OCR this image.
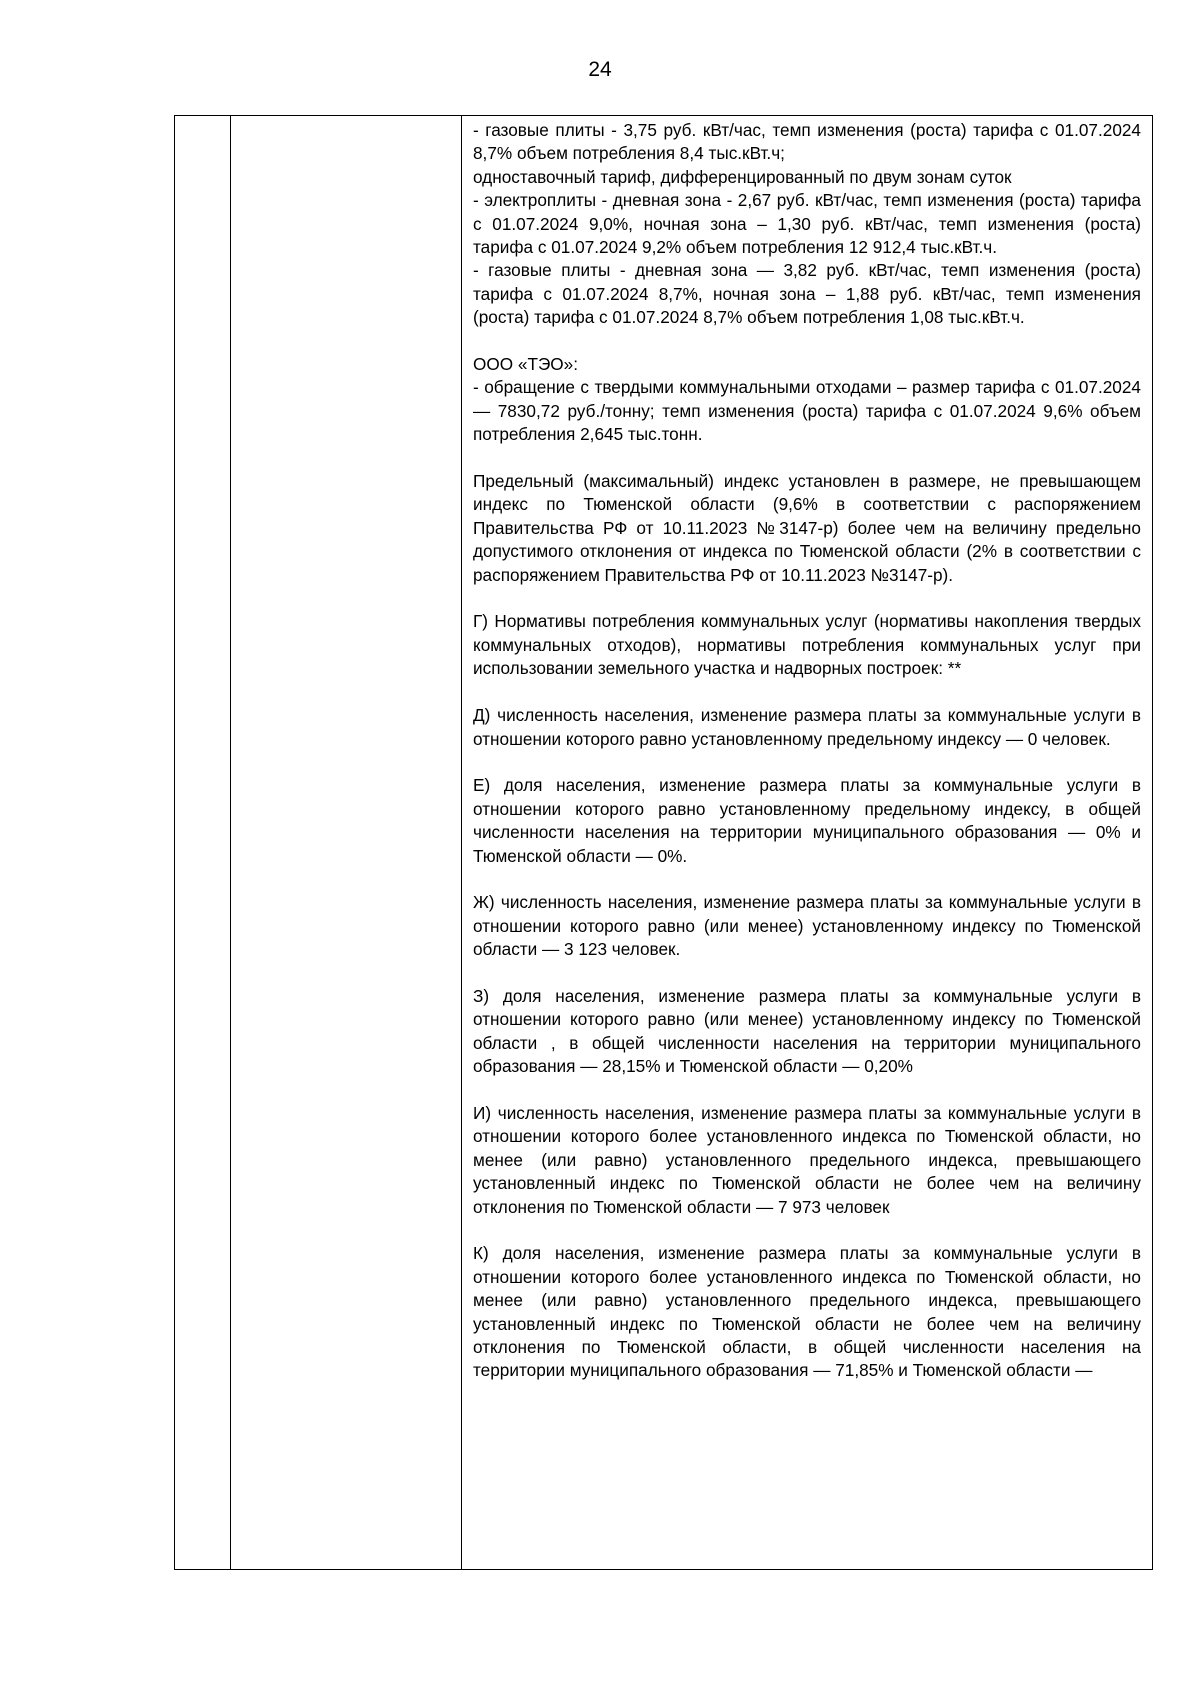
24

- газовые плиты - 3,75 руб. кВт/час, темп изменения (роста) тарифа с 01.07.2024 8,7% объем потребления 8,4 тыс.кВт.ч;
одноставочный тариф, дифференцированный по двум зонам суток
- электроплиты - дневная зона - 2,67 руб. кВт/час, темп изменения (роста) тарифа с 01.07.2024 9,0%, ночная зона – 1,30 руб. кВт/час, темп изменения (роста) тарифа с 01.07.2024 9,2% объем потребления 12 912,4 тыс.кВт.ч.
- газовые плиты - дневная зона — 3,82 руб. кВт/час, темп изменения (роста) тарифа с 01.07.2024 8,7%, ночная зона – 1,88 руб. кВт/час, темп изменения (роста) тарифа с 01.07.2024 8,7% объем потребления 1,08 тыс.кВт.ч.
ООО «ТЭО»:
- обращение с твердыми коммунальными отходами – размер тарифа с 01.07.2024 — 7830,72 руб./тонну; темп изменения (роста) тарифа с 01.07.2024 9,6% объем потребления 2,645 тыс.тонн.
Предельный (максимальный) индекс установлен в размере, не превышающем индекс по Тюменской области (9,6% в соответствии с распоряжением Правительства РФ от 10.11.2023 №3147-р) более чем на величину предельно допустимого отклонения от индекса по Тюменской области (2% в соответствии с распоряжением Правительства РФ от 10.11.2023 №3147-р).
Г) Нормативы потребления коммунальных услуг (нормативы накопления твердых коммунальных отходов), нормативы потребления коммунальных услуг при использовании земельного участка и надворных построек: **
Д) численность населения, изменение размера платы за коммунальные услуги в отношении которого равно установленному предельному индексу — 0 человек.
Е) доля населения, изменение размера платы за коммунальные услуги в отношении которого равно установленному предельному индексу, в общей численности населения на территории муниципального образования — 0% и Тюменской области — 0%.
Ж) численность населения, изменение размера платы за коммунальные услуги в отношении которого равно (или менее) установленному индексу по Тюменской области — 3 123 человек.
З) доля населения, изменение размера платы за коммунальные услуги в отношении которого равно (или менее) установленному индексу по Тюменской области , в общей численности населения на территории муниципального образования — 28,15% и Тюменской области — 0,20%
И) численность населения, изменение размера платы за коммунальные услуги в отношении которого более установленного индекса по Тюменской области, но менее (или равно) установленного предельного индекса, превышающего установленный индекс по Тюменской области не более чем на величину отклонения по Тюменской области — 7 973 человек
К) доля населения, изменение размера платы за коммунальные услуги в отношении которого более установленного индекса по Тюменской области, но менее (или равно) установленного предельного индекса, превышающего установленный индекс по Тюменской области не более чем на величину отклонения по Тюменской области, в общей численности населения на территории муниципального образования — 71,85% и Тюменской области —
